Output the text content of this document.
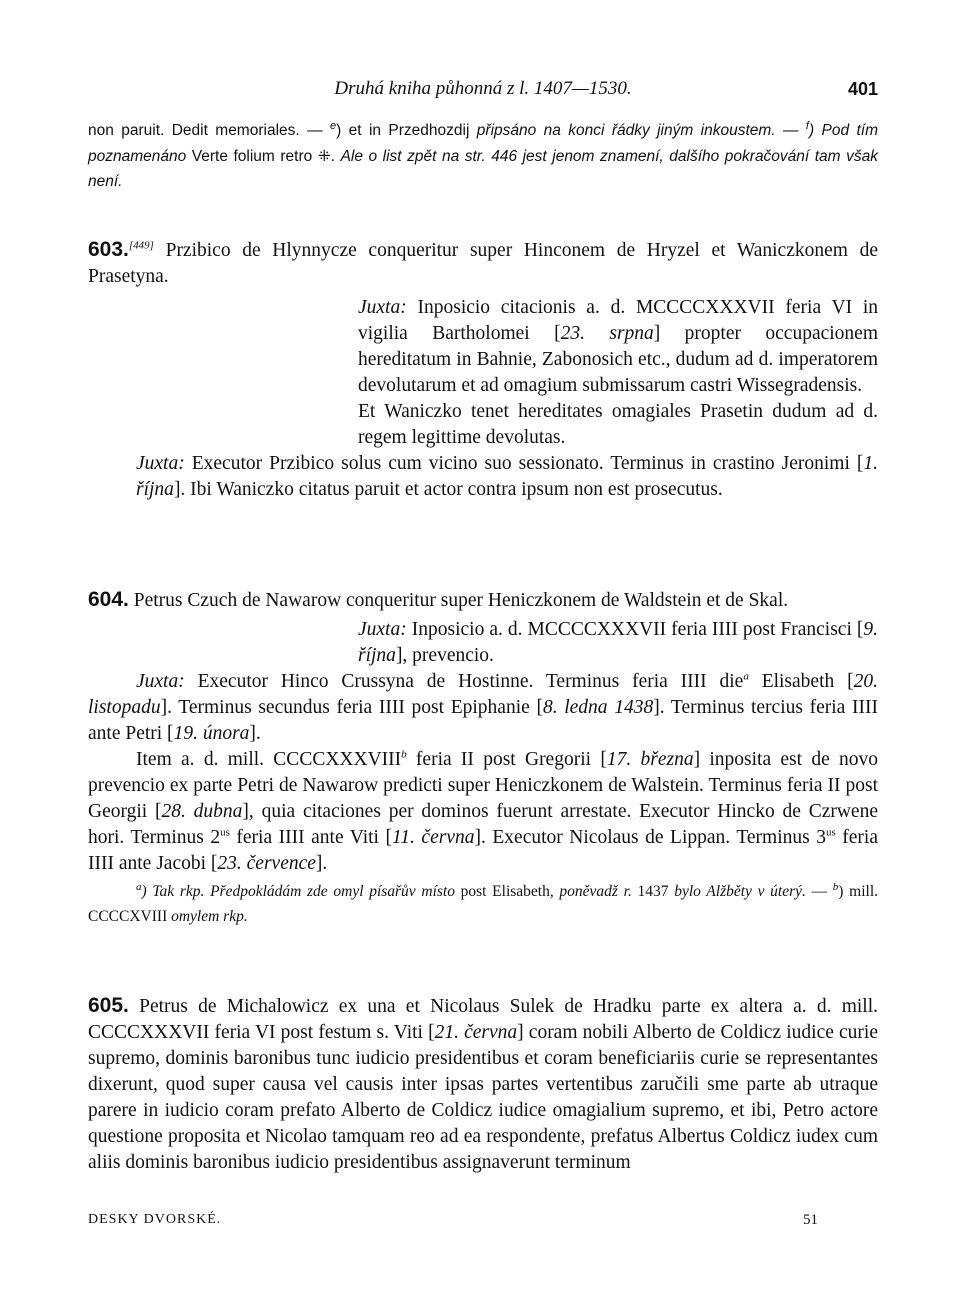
Druhá kniha půhonná z l. 1407—1530.	401

non paruit. Dedit memoriales. — $^e$) et in Przedhozdij připsáno na konci řádky jiným inkoustem. — $^f$) Pod tím poznamenáno Verte folium retro ⁜. Ale o list zpět na str. 446 jest jenom znamení, dalšího pokračování tam však není.

603.[449] Przibico de Hlynnycze conqueritur super Hinconem de Hryzel et Waniczkonem de Prasetyna.

Juxta: Inposicio citacionis a. d. MCCCCXXXVII feria VI in vigilia Bartholomei [23. srpna] propter occupacionem hereditatum in Bahnie, Zabonosich etc., dudum ad d. imperatorem devolutarum et ad omagium submissarum castri Wissegradensis.

Et Waniczko tenet hereditates omagiales Prasetin dudum ad d. regem legittime devolutas.

Juxta: Executor Przibico solus cum vicino suo sessionato. Terminus in crastino Jeronimi [1. října]. Ibi Waniczko citatus paruit et actor contra ipsum non est prosecutus.

604. Petrus Czuch de Nawarow conqueritur super Heniczkonem de Waldstein et de Skal.

Juxta: Inposicio a. d. MCCCCXXXVII feria IIII post Francisci [9. října], prevencio.

Juxta: Executor Hinco Crussyna de Hostinne. Terminus feria IIII die$^a$ Elisabeth [20. listopadu]. Terminus secundus feria IIII post Epiphanie [8. ledna 1438]. Terminus tercius feria IIII ante Petri [19. února].

Item a. d. mill. CCCCXXXVIII$^b$ feria II post Gregorii [17. března] inposita est de novo prevencio ex parte Petri de Nawarow predicti super Heniczkonem de Walstein. Terminus feria II post Georgii [28. dubna], quia citaciones per dominos fuerunt arrestate. Executor Hincko de Czrwene hori. Terminus $2^{us}$ feria IIII ante Viti [11. června]. Executor Nicolaus de Lippan. Terminus $3^{us}$ feria IIII ante Jacobi [23. července].

$^a$) Tak rkp. Předpokládám zde omyl písařův místo post Elisabeth, poněvadž r. 1437 bylo Alžběty v úterý. — $^b$) mill. CCCCXVIII omylem rkp.

605. Petrus de Michalowicz ex una et Nicolaus Sulek de Hradku parte ex altera a. d. mill. CCCCXXXVII feria VI post festum s. Viti [21. června] coram nobili Alberto de Coldicz iudice curie supremo, dominis baronibus tunc iudicio presidentibus et coram beneficiariis curie se representantes dixerunt, quod super causa vel causis inter ipsas partes vertentibus zaručili sme parte ab utraque parere in iudicio coram prefato Alberto de Coldicz iudice omagialium supremo, et ibi, Petro actore questione proposita et Nicolao tamquam reo ad ea respondente, prefatus Albertus Coldicz iudex cum aliis dominis baronibus iudicio presidentibus assignaverunt terminum

DESKY DVORSKÉ.	51
